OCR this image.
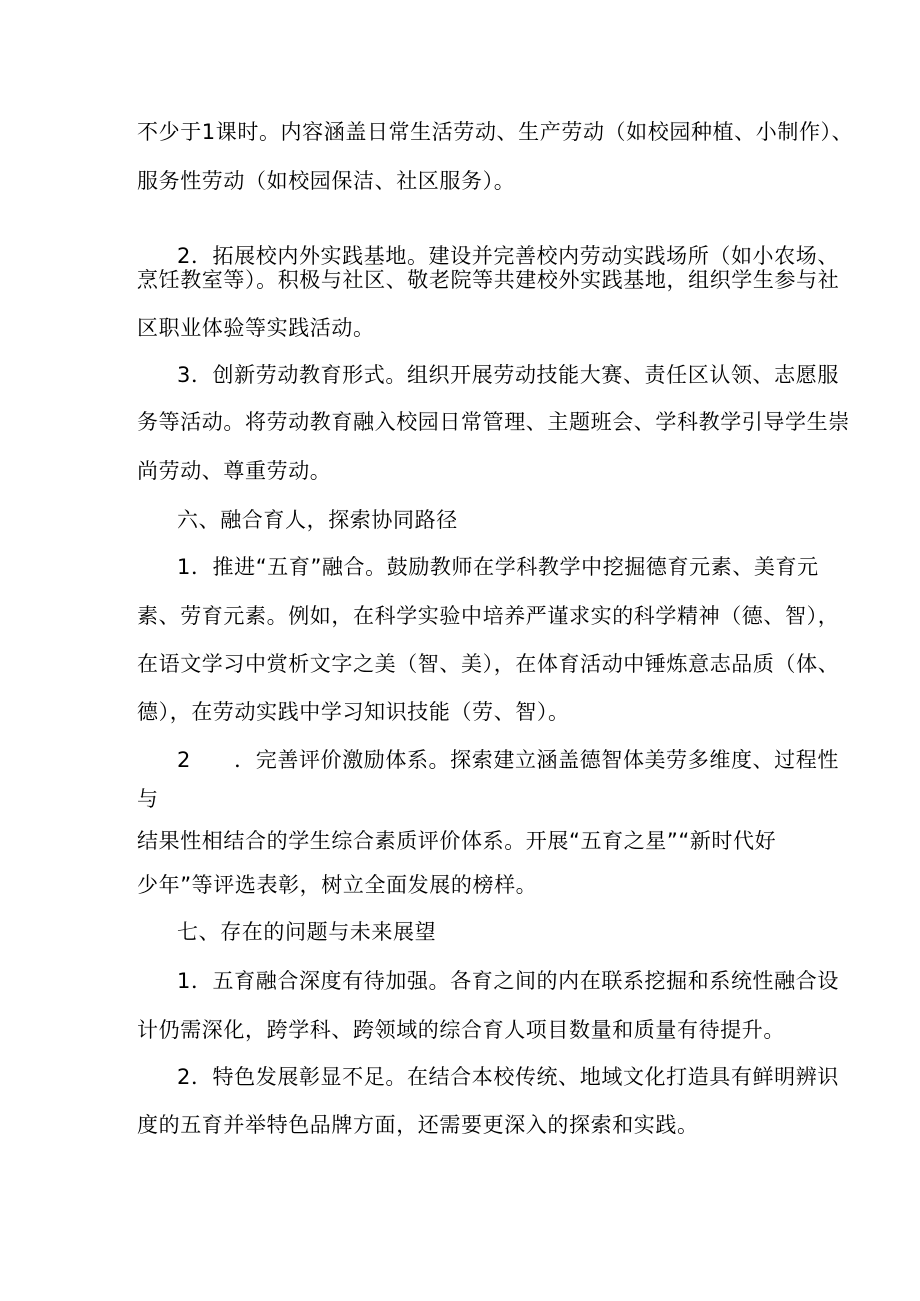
不少于1课时。内容涵盖日常生活劳动、生产劳动（如校园种植、小制作）、
服务性劳动（如校园保洁、社区服务）。
2．拓展校内外实践基地。建设并完善校内劳动实践场所（如小农场、
烹饪教室等）。积极与社区、敬老院等共建校外实践基地，组织学生参与社
区职业体验等实践活动。
3．创新劳动教育形式。组织开展劳动技能大赛、责任区认领、志愿服
务等活动。将劳动教育融入校园日常管理、主题班会、学科教学引导学生崇
尚劳动、尊重劳动。
六、融合育人，探索协同路径
1．推进“五育”融合。鼓励教师在学科教学中挖掘德育元素、美育元
素、劳育元素。例如，在科学实验中培养严谨求实的科学精神（德、智），
在语文学习中赏析文字之美（智、美），在体育活动中锤炼意志品质（体、
德），在劳动实践中学习知识技能（劳、智）。
2　　．完善评价激励体系。探索建立涵盖德智体美劳多维度、过程性
与
结果性相结合的学生综合素质评价体系。开展“五育之星”“新时代好
少年”等评选表彰，树立全面发展的榜样。
七、存在的问题与未来展望
1．五育融合深度有待加强。各育之间的内在联系挖掘和系统性融合设
计仍需深化，跨学科、跨领域的综合育人项目数量和质量有待提升。
2．特色发展彰显不足。在结合本校传统、地域文化打造具有鲜明辨识
度的五育并举特色品牌方面，还需要更深入的探索和实践。
